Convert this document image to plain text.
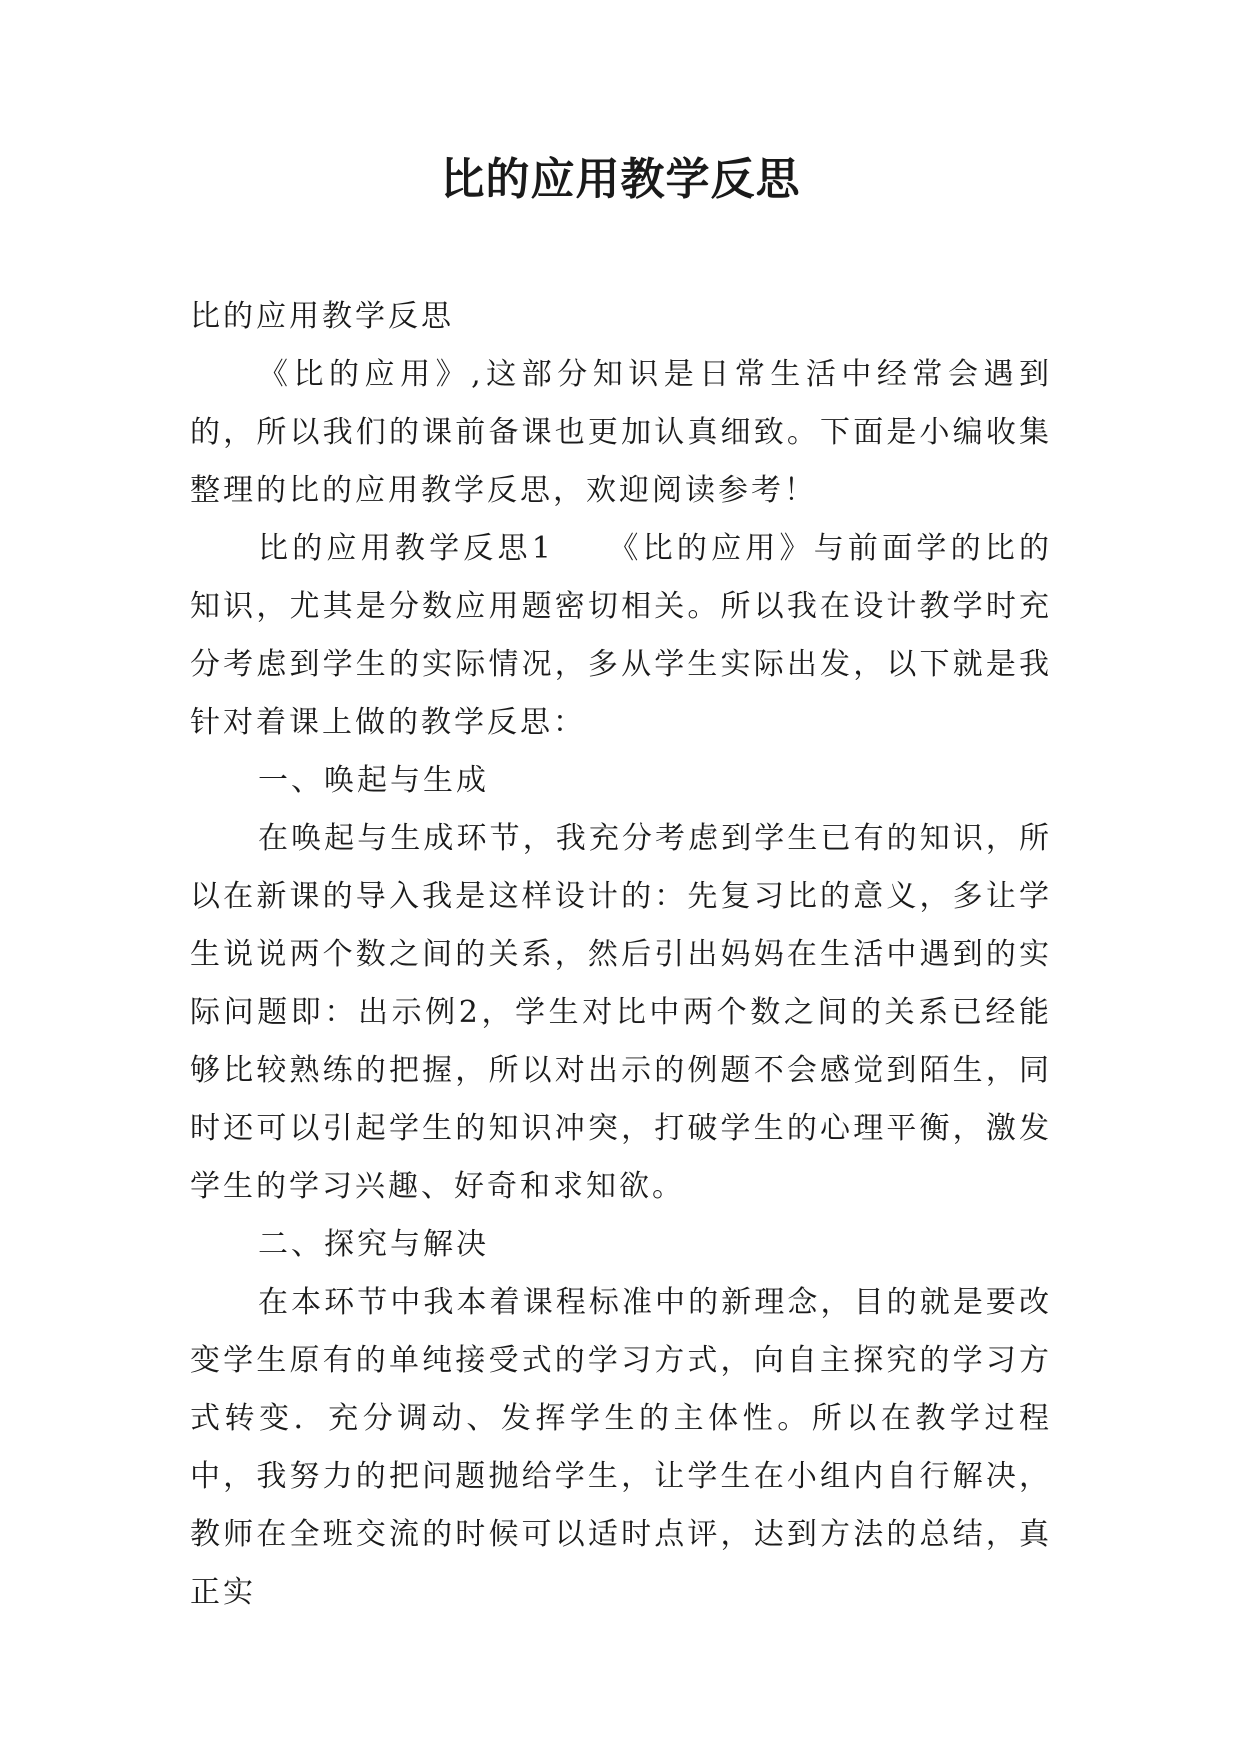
比的应用教学反思

比的应用教学反思

《比的应用》,这部分知识是日常生活中经常会遇到的，所以我们的课前备课也更加认真细致。下面是小编收集整理的比的应用教学反思，欢迎阅读参考！

比的应用教学反思1　　《比的应用》与前面学的比的知识，尤其是分数应用题密切相关。所以我在设计教学时充分考虑到学生的实际情况，多从学生实际出发，以下就是我针对着课上做的教学反思：

一、唤起与生成

在唤起与生成环节，我充分考虑到学生已有的知识，所以在新课的导入我是这样设计的：先复习比的意义，多让学生说说两个数之间的关系，然后引出妈妈在生活中遇到的实际问题即：出示例2，学生对比中两个数之间的关系已经能够比较熟练的把握，所以对出示的例题不会感觉到陌生，同时还可以引起学生的知识冲突，打破学生的心理平衡，激发学生的学习兴趣、好奇和求知欲。

二、探究与解决

在本环节中我本着课程标准中的新理念，目的就是要改变学生原有的单纯接受式的学习方式，向自主探究的学习方式转变．充分调动、发挥学生的主体性。所以在教学过程中，我努力的把问题抛给学生，让学生在小组内自行解决，教师在全班交流的时候可以适时点评，达到方法的总结，真正实
